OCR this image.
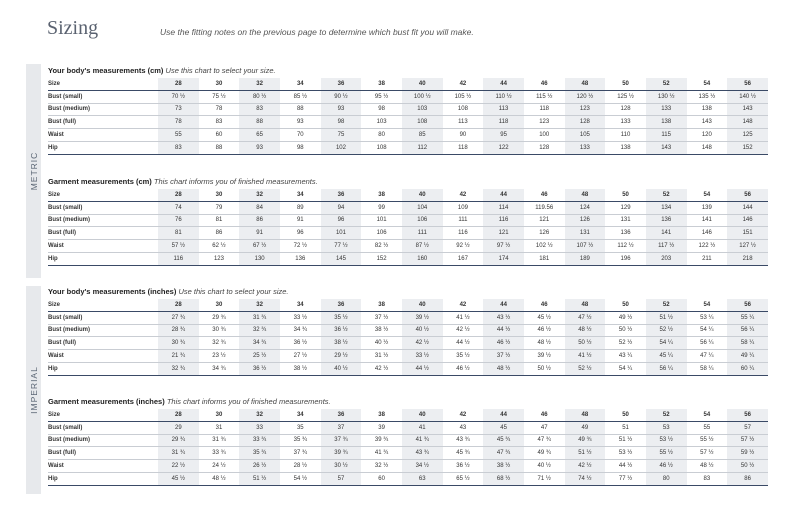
Sizing	Use the fitting notes on the previous page to determine which bust fit you will make.
METRIC
IMPERIAL
Your body's measurements (cm) Use this chart to select your size.
Size	28	30	32	34	36	38	40	42	44	46	48	50	52	54	56
Bust (small)	70 ½	75 ½	80 ½	85 ½	90 ½	95 ½	100 ½	105 ½	110 ½	115 ½	120 ½	125 ½	130 ½	135 ½	140 ½
Bust (medium)	73	78	83	88	93	98	103	108	113	118	123	128	133	138	143
Bust (full)	78	83	88	93	98	103	108	113	118	123	128	133	138	143	148
Waist	55	60	65	70	75	80	85	90	95	100	105	110	115	120	125
Hip	83	88	93	98	102	108	112	118	122	128	133	138	143	148	152
Garment measurements (cm) This chart informs you of finished measurements.
Size	28	30	32	34	36	38	40	42	44	46	48	50	52	54	56
Bust (small)	74	79	84	89	94	99	104	109	114	119.56	124	129	134	139	144
Bust (medium)	76	81	86	91	96	101	106	111	116	121	126	131	136	141	146
Bust (full)	81	86	91	96	101	106	111	116	121	126	131	136	141	146	151
Waist	57 ½	62 ½	67 ½	72 ½	77 ½	82 ½	87 ½	92 ½	97 ½	102 ½	107 ½	112 ½	117 ½	122 ½	127 ½
Hip	116	123	130	136	145	152	160	167	174	181	189	196	203	211	218
Your body's measurements (inches) Use this chart to select your size.
Size	28	30	32	34	36	38	40	42	44	46	48	50	52	54	56
Bust (small)	27 ¾	29 ¾	31 ¾	33 ½	35 ½	37 ½	39 ½	41 ½	43 ½	45 ½	47 ½	49 ½	51 ½	53 ¼	55 ¼
Bust (medium)	28 ¾	30 ¾	32 ¾	34 ¾	36 ½	38 ½	40 ½	42 ½	44 ½	46 ½	48 ½	50 ½	52 ½	54 ¼	56 ¼
Bust (full)	30 ¾	32 ¾	34 ¾	36 ½	38 ½	40 ½	42 ½	44 ½	46 ½	48 ½	50 ½	52 ½	54 ¼	56 ¼	58 ¼
Waist	21 ¾	23 ½	25 ½	27 ½	29 ½	31 ½	33 ½	35 ½	37 ½	39 ½	41 ½	43 ¼	45 ¼	47 ¼	49 ¼
Hip	32 ¾	34 ¾	36 ½	38 ½	40 ½	42 ½	44 ½	46 ½	48 ½	50 ½	52 ½	54 ¼	56 ¼	58 ¼	60 ¼
Garment measurements (inches) This chart informs you of finished measurements.
Size	28	30	32	34	36	38	40	42	44	46	48	50	52	54	56
Bust (small)	29	31	33	35	37	39	41	43	45	47	49	51	53	55	57
Bust (medium)	29 ¾	31 ¾	33 ¾	35 ¾	37 ¾	39 ¾	41 ¾	43 ¾	45 ¾	47 ¾	49 ¾	51 ½	53 ½	55 ½	57 ½
Bust (full)	31 ¾	33 ¾	35 ¾	37 ¾	39 ¾	41 ¾	43 ¾	45 ¾	47 ¾	49 ¾	51 ½	53 ½	55 ½	57 ½	59 ½
Waist	22 ½	24 ½	26 ½	28 ½	30 ½	32 ½	34 ½	36 ½	38 ½	40 ½	42 ½	44 ½	46 ½	48 ½	50 ½
Hip	45 ½	48 ½	51 ½	54 ½	57	60	63	65 ½	68 ½	71 ½	74 ½	77 ½	80	83	86
